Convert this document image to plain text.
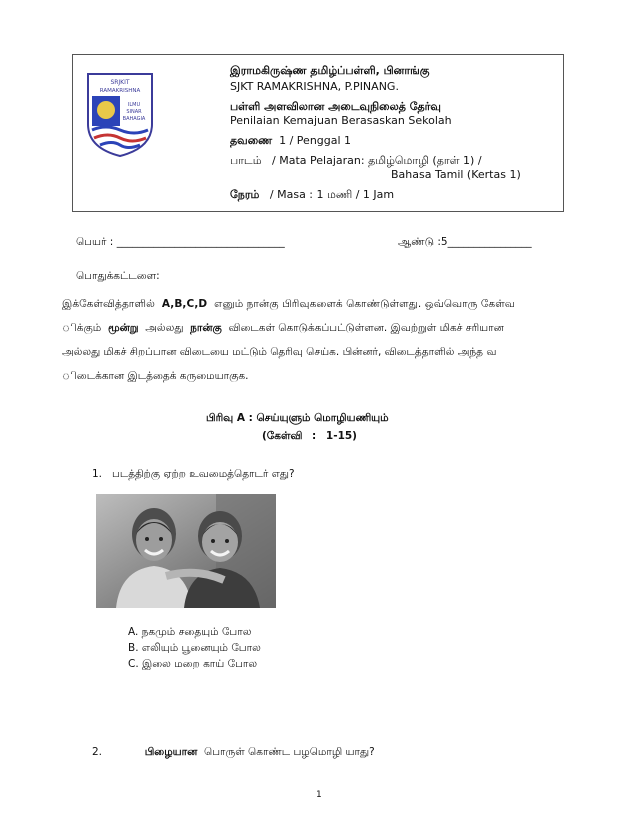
SRJKIT
RAMAKRISHNA
ILMU
SINAR
BAHAGIA
இராமகிருஷ்ண தமிழ்ப்பள்ளி, பினாங்கு
SJKT RAMAKRISHNA, P.PINANG.
பள்ளி அளவிலான அடைவுநிலைத் தேர்வு
Penilaian Kemajuan Berasaskan Sekolah
தவணை 1 / Penggal 1
பாடம் / Mata Pelajaran: தமிழ்மொழி (தாள் 1) /
Bahasa Tamil (Kertas 1)
நேரம் / Masa : 1 மணி / 1 Jam
பெயர் : ________________________________	ஆண்டு :5________________
பொதுக்கட்டளை:
இக்கேள்வித்தாளில் A,B,C,D எனும் நான்கு பிரிவுகளைக் கொண்டுள்ளது. ஒவ்வொரு கேள்வ
ிக்கும் மூன்று அல்லது நான்கு விடைகள் கொடுக்கப்பட்டுள்ளன. இவற்றுள் மிகச் சரியான
அல்லது மிகச் சிறப்பான விடையை மட்டும் தெரிவு செய்க. பின்னர், விடைத்தாளில் அந்த வ
ிடைக்கான இடத்தைக் கருமையாகுக.
பிரிவு A : செய்யுளும் மொழியணியும்
(கேள்வி : 1-15)
1. படத்திற்கு ஏற்ற உவமைத்தொடர் எது?
A. நகமும் சதையும் போல
B. எலியும் பூனையும் போல
C. இலை மறை காய் போல
2.	பிழையான பொருள் கொண்ட பழமொழி யாது?
1
